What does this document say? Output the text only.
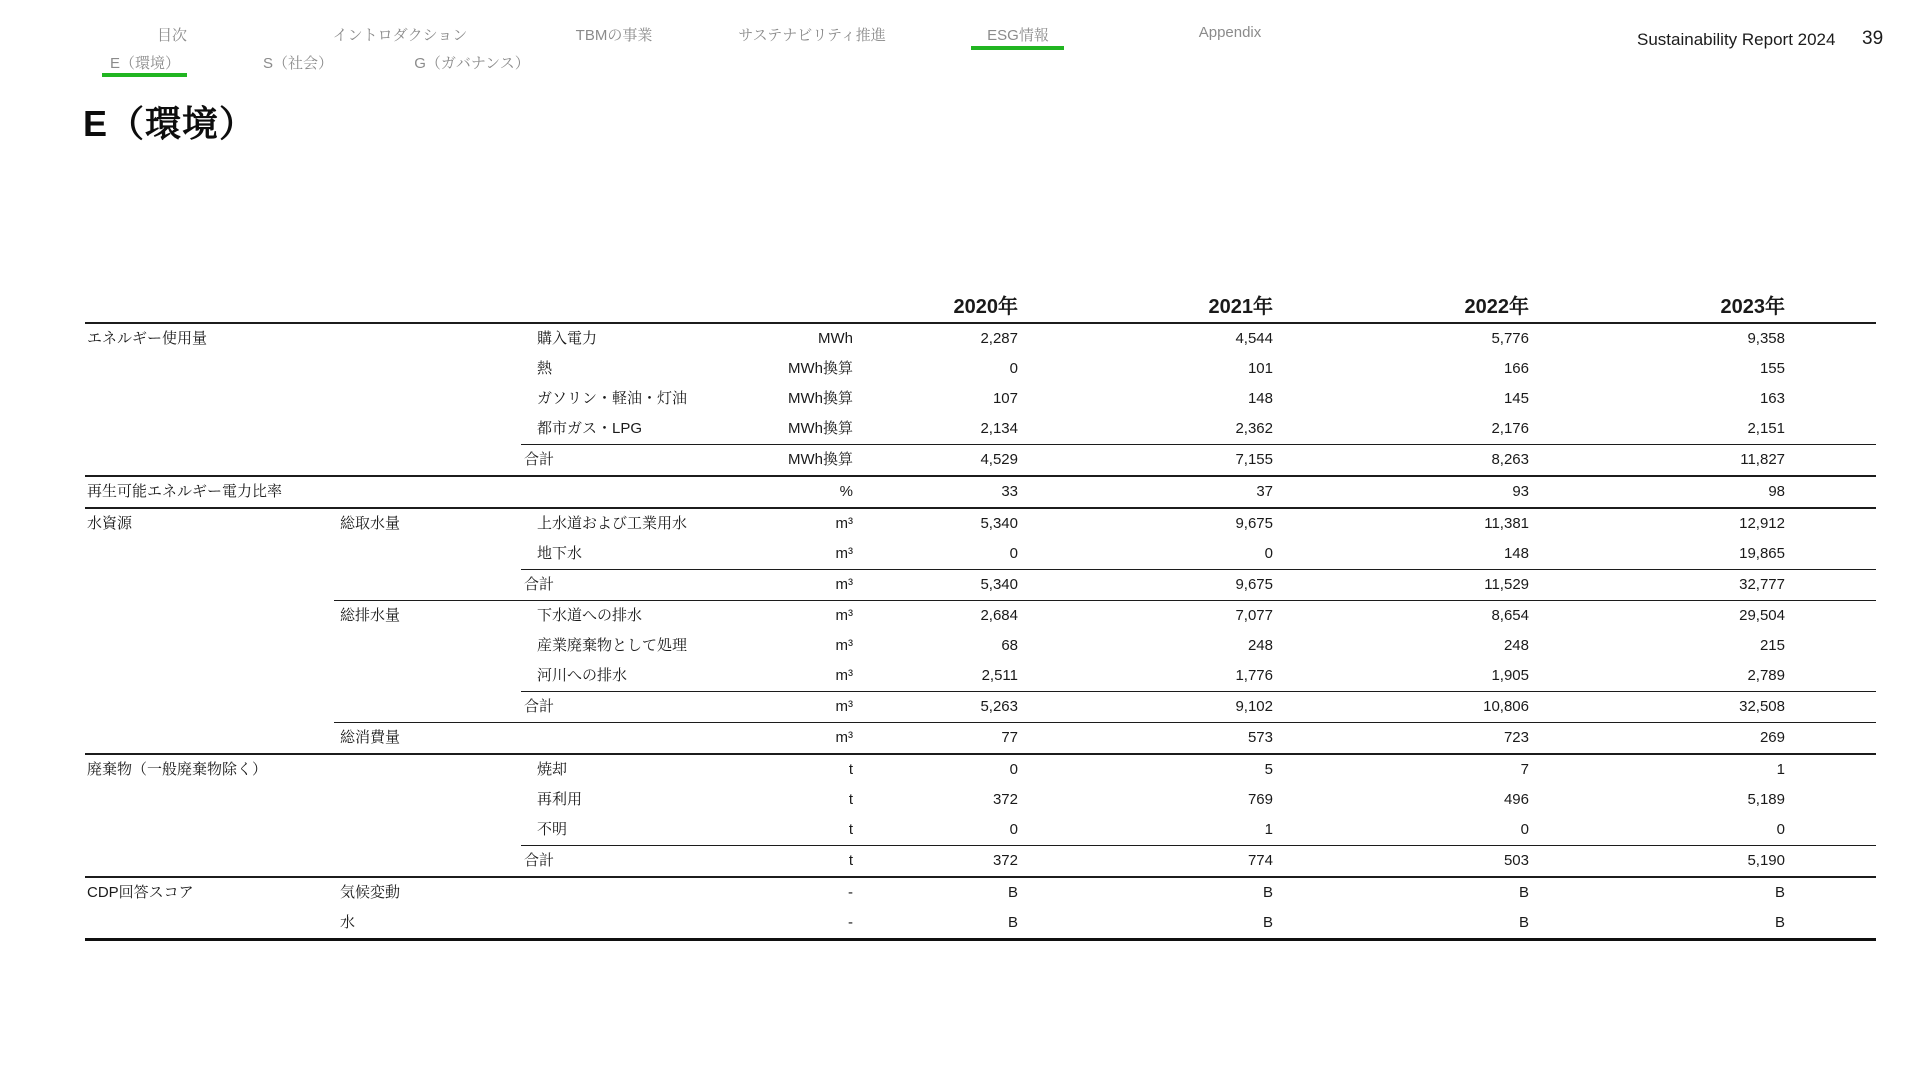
目次	イントロダクション	TBMの事業	サステナビリティ推進	ESG情報	Appendix
E（環境）	S（社会）	G（ガバナンス）
Sustainability Report 2024 39
E（環境）
				2020年	2021年	2022年	2023年	
エネルギー使用量		購入電力	MWh	2,287	4,544	5,776	9,358	
		熱	MWh換算	0	101	166	155	
		ガソリン・軽油・灯油	MWh換算	107	148	145	163	
		都市ガス・LPG	MWh換算	2,134	2,362	2,176	2,151	
		合計	MWh換算	4,529	7,155	8,263	11,827	
再生可能エネルギー電力比率			%	33	37	93	98	
水資源	総取水量	上水道および工業用水	m³	5,340	9,675	11,381	12,912	
		地下水	m³	0	0	148	19,865	
		合計	m³	5,340	9,675	11,529	32,777	
	総排水量	下水道への排水	m³	2,684	7,077	8,654	29,504	
		産業廃棄物として処理	m³	68	248	248	215	
		河川への排水	m³	2,511	1,776	1,905	2,789	
		合計	m³	5,263	9,102	10,806	32,508	
	総消費量		m³	77	573	723	269	
廃棄物（一般廃棄物除く）		焼却	t	0	5	7	1	
		再利用	t	372	769	496	5,189	
		不明	t	0	1	0	0	
		合計	t	372	774	503	5,190	
CDP回答スコア	気候変動		-	B	B	B	B	
	水		-	B	B	B	B	
